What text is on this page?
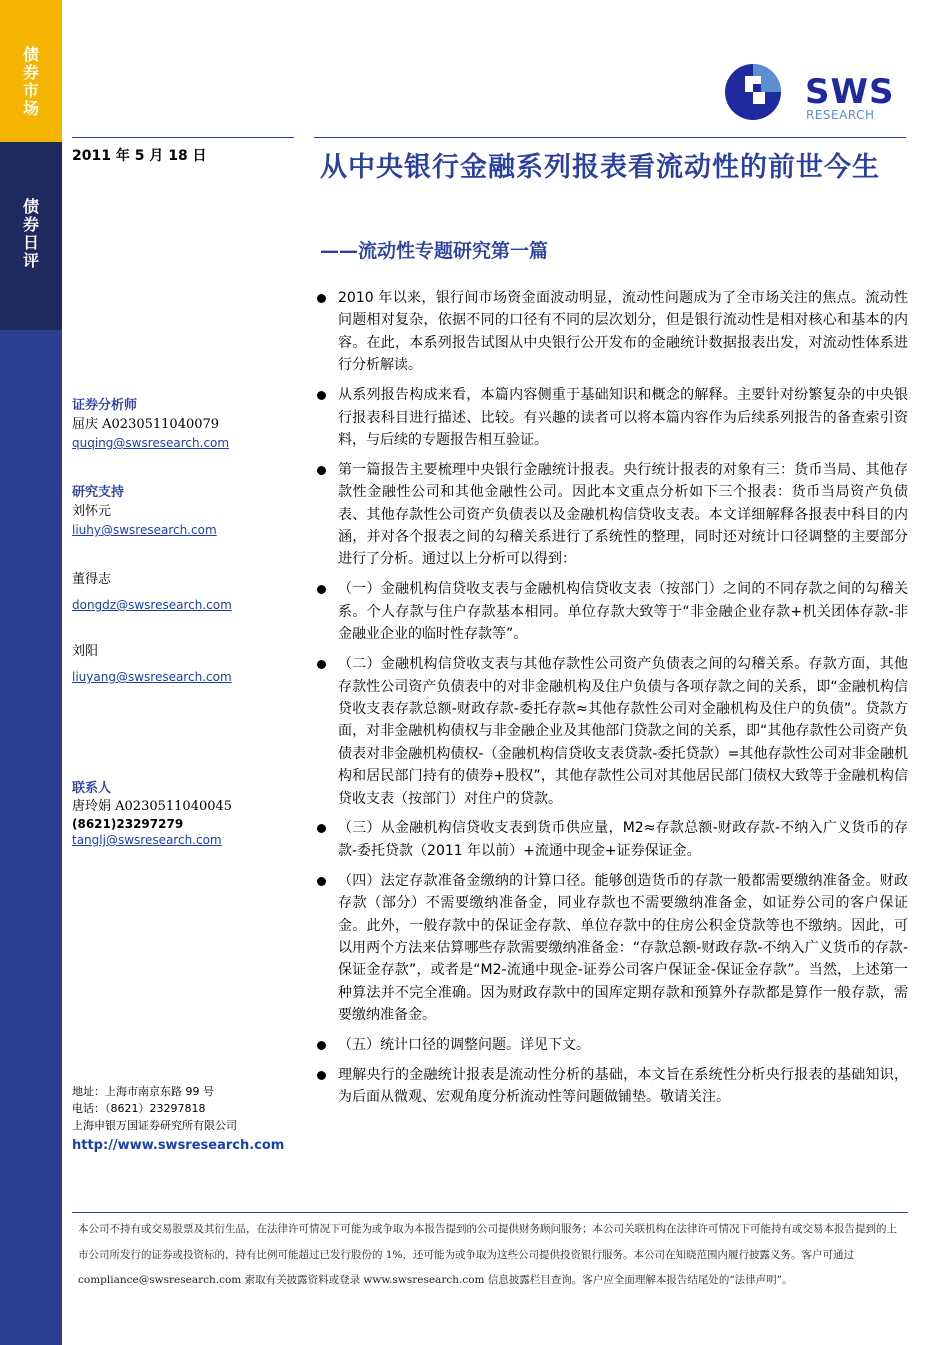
债
券
市
场
债
券
日
评
SWS
RESEARCH
2011 年 5 月 18 日	从中央银行金融系列报表看流动性的前世今生
——流动性专题研究第一篇
证券分析师
屈庆 A0230511040079
quqing@swsresearch.com
研究支持
刘怀元
liuhy@swsresearch.com
董得志
dongdz@swsresearch.com
刘阳
liuyang@swsresearch.com
联系人
唐玲娟 A0230511040045
(8621)23297279
tanglj@swsresearch.com
地址：上海市南京东路 99 号
电话：（8621）23297818
上海申银万国证券研究所有限公司
http://www.swsresearch.com
2010 年以来，银行间市场资金面波动明显，流动性问题成为了全市场关注的焦点。流动性问题相对复杂，依据不同的口径有不同的层次划分，但是银行流动性是相对核心和基本的内容。在此，本系列报告试图从中央银行公开发布的金融统计数据报表出发，对流动性体系进行分析解读。
从系列报告构成来看，本篇内容侧重于基础知识和概念的解释。主要针对纷繁复杂的中央银行报表科目进行描述、比较。有兴趣的读者可以将本篇内容作为后续系列报告的备查索引资料，与后续的专题报告相互验证。
第一篇报告主要梳理中央银行金融统计报表。央行统计报表的对象有三：货币当局、其他存款性金融性公司和其他金融性公司。因此本文重点分析如下三个报表：货币当局资产负债表、其他存款性公司资产负债表以及金融机构信贷收支表。本文详细解释各报表中科目的内涵，并对各个报表之间的勾稽关系进行了系统性的整理，同时还对统计口径调整的主要部分进行了分析。通过以上分析可以得到：
（一）金融机构信贷收支表与金融机构信贷收支表（按部门）之间的不同存款之间的勾稽关系。个人存款与住户存款基本相同。单位存款大致等于“非金融企业存款+机关团体存款-非金融业企业的临时性存款等”。
（二）金融机构信贷收支表与其他存款性公司资产负债表之间的勾稽关系。存款方面，其他存款性公司资产负债表中的对非金融机构及住户负债与各项存款之间的关系，即“金融机构信贷收支表存款总额-财政存款-委托存款≈其他存款性公司对金融机构及住户的负债”。贷款方面，对非金融机构债权与非金融企业及其他部门贷款之间的关系，即“其他存款性公司资产负债表对非金融机构债权-（金融机构信贷收支表贷款-委托贷款）=其他存款性公司对非金融机构和居民部门持有的债券+股权”，其他存款性公司对其他居民部门债权大致等于金融机构信贷收支表（按部门）对住户的贷款。
（三）从金融机构信贷收支表到货币供应量，M2≈存款总额-财政存款-不纳入广义货币的存款-委托贷款（2011 年以前）+流通中现金+证券保证金。
（四）法定存款准备金缴纳的计算口径。能够创造货币的存款一般都需要缴纳准备金。财政存款（部分）不需要缴纳准备金，同业存款也不需要缴纳准备金，如证券公司的客户保证金。此外，一般存款中的保证金存款、单位存款中的住房公积金贷款等也不缴纳。因此，可以用两个方法来估算哪些存款需要缴纳准备金：“存款总额-财政存款-不纳入广义货币的存款-保证金存款”，或者是“M2-流通中现金-证券公司客户保证金-保证金存款”。当然，上述第一种算法并不完全准确。因为财政存款中的国库定期存款和预算外存款都是算作一般存款，需要缴纳准备金。
（五）统计口径的调整问题。详见下文。
理解央行的金融统计报表是流动性分析的基础，本文旨在系统性分析央行报表的基础知识，为后面从微观、宏观角度分析流动性等问题做铺垫。敬请关注。

本公司不持有或交易股票及其衍生品，在法律许可情况下可能为或争取为本报告提到的公司提供财务顾问服务；本公司关联机构在法律许可情况下可能持有或交易本报告提到的上市公司所发行的证券或投资标的，持有比例可能超过已发行股份的 1%，还可能为或争取为这些公司提供投资银行服务。本公司在知晓范围内履行披露义务。客户可通过 compliance@swsresearch.com 索取有关披露资料或登录 www.swsresearch.com 信息披露栏目查询。客户应全面理解本报告结尾处的“法律声明”。
